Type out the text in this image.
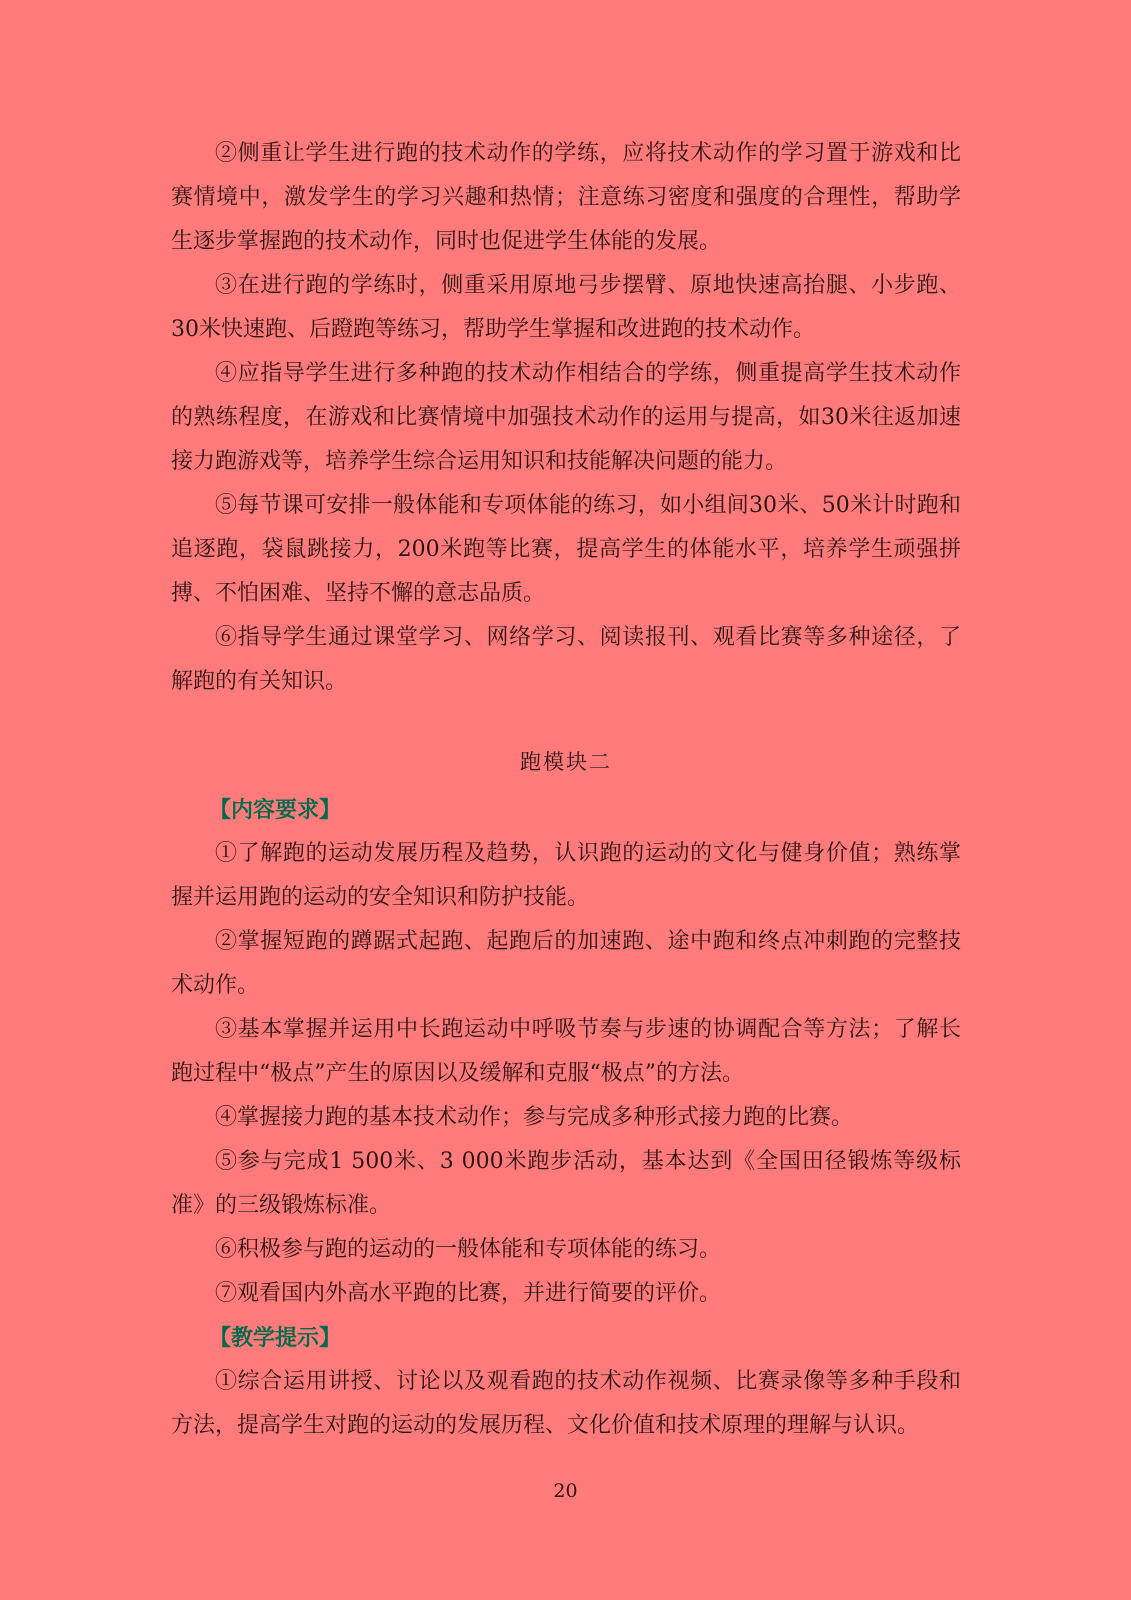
②侧重让学生进行跑的技术动作的学练，应将技术动作的学习置于游戏和比赛情境中，激发学生的学习兴趣和热情；注意练习密度和强度的合理性，帮助学生逐步掌握跑的技术动作，同时也促进学生体能的发展。

③在进行跑的学练时，侧重采用原地弓步摆臂、原地快速高抬腿、小步跑、30米快速跑、后蹬跑等练习，帮助学生掌握和改进跑的技术动作。

④应指导学生进行多种跑的技术动作相结合的学练，侧重提高学生技术动作的熟练程度，在游戏和比赛情境中加强技术动作的运用与提高，如30米往返加速接力跑游戏等，培养学生综合运用知识和技能解决问题的能力。

⑤每节课可安排一般体能和专项体能的练习，如小组间30米、50米计时跑和追逐跑，袋鼠跳接力，200米跑等比赛，提高学生的体能水平，培养学生顽强拼搏、不怕困难、坚持不懈的意志品质。

⑥指导学生通过课堂学习、网络学习、阅读报刊、观看比赛等多种途径，了解跑的有关知识。

跑模块二
【内容要求】

①了解跑的运动发展历程及趋势，认识跑的运动的文化与健身价值；熟练掌握并运用跑的运动的安全知识和防护技能。

②掌握短跑的蹲踞式起跑、起跑后的加速跑、途中跑和终点冲刺跑的完整技术动作。

③基本掌握并运用中长跑运动中呼吸节奏与步速的协调配合等方法；了解长跑过程中“极点”产生的原因以及缓解和克服“极点”的方法。

④掌握接力跑的基本技术动作；参与完成多种形式接力跑的比赛。

⑤参与完成1 500米、3 000米跑步活动，基本达到《全国田径锻炼等级标准》的三级锻炼标准。

⑥积极参与跑的运动的一般体能和专项体能的练习。

⑦观看国内外高水平跑的比赛，并进行简要的评价。

【教学提示】

①综合运用讲授、讨论以及观看跑的技术动作视频、比赛录像等多种手段和方法，提高学生对跑的运动的发展历程、文化价值和技术原理的理解与认识。

20
